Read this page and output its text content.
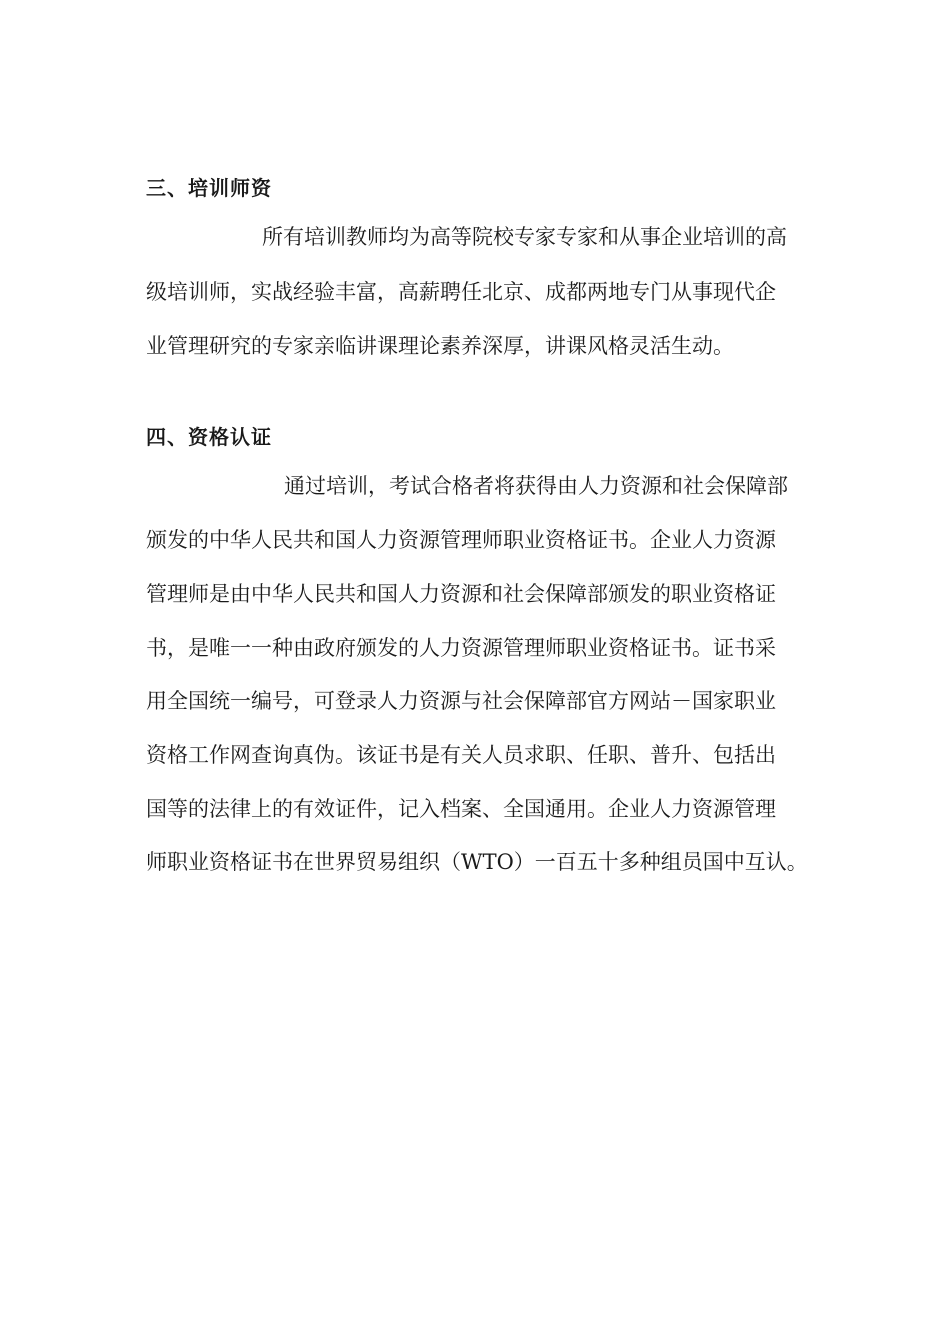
三、培训师资
所有培训教师均为高等院校专家专家和从事企业培训的高
级培训师，实战经验丰富，高薪聘任北京、成都两地专门从事现代企
业管理研究的专家亲临讲课理论素养深厚，讲课风格灵活生动。
四、资格认证
通过培训，考试合格者将获得由人力资源和社会保障部
颁发的中华人民共和国人力资源管理师职业资格证书。企业人力资源
管理师是由中华人民共和国人力资源和社会保障部颁发的职业资格证
书，是唯一一种由政府颁发的人力资源管理师职业资格证书。证书采
用全国统一编号，可登录人力资源与社会保障部官方网站－国家职业
资格工作网查询真伪。该证书是有关人员求职、任职、普升、包括出
国等的法律上的有效证件，记入档案、全国通用。企业人力资源管理
师职业资格证书在世界贸易组织（WTO）一百五十多种组员国中互认。
